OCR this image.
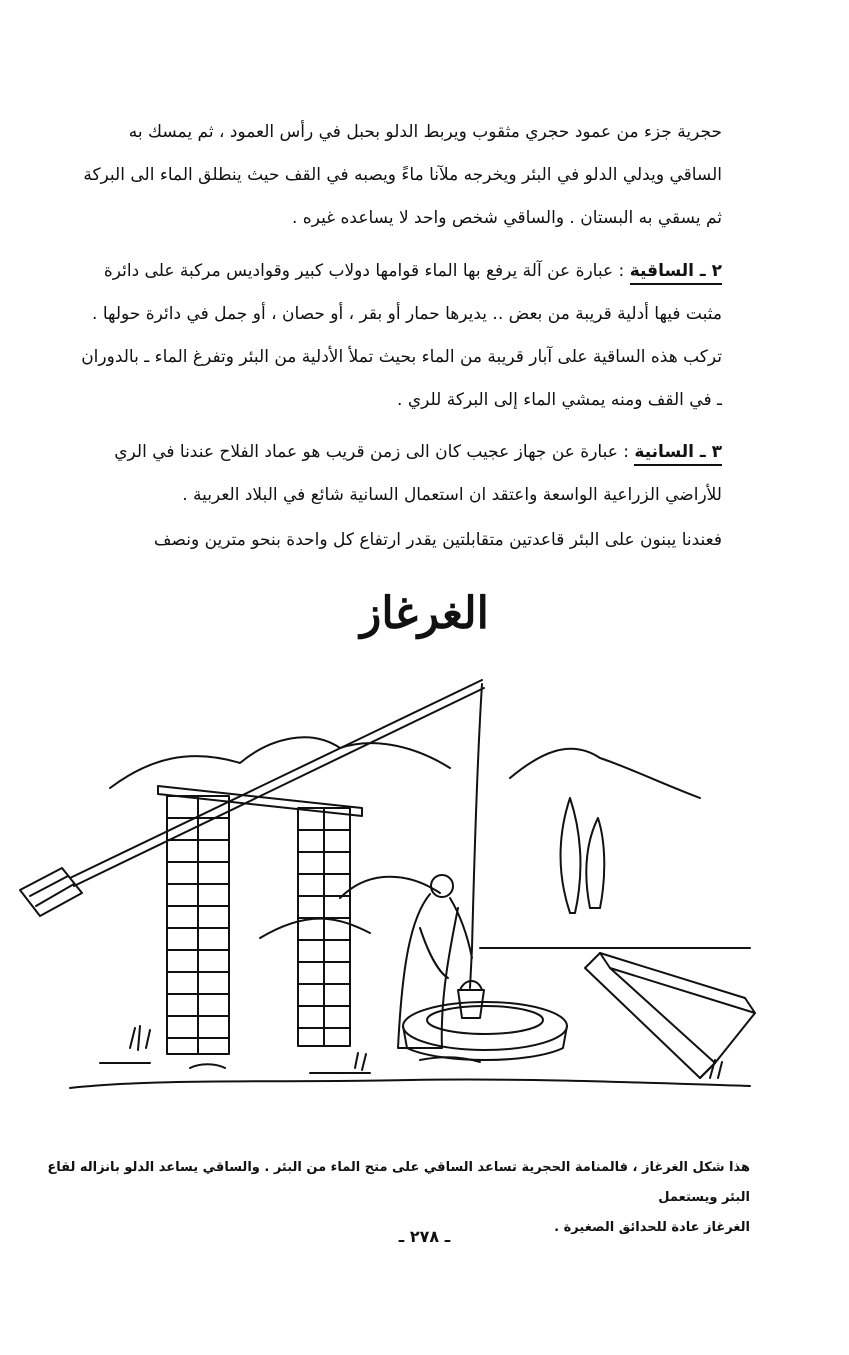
حجرية جزء من عمود حجري مثقوب ويربط الدلو بحبل في رأس العمود ، ثم يمسك به
الساقي ويدلي الدلو في البئر ويخرجه ملآنا ماءً ويصبه في القف حيث ينطلق الماء الى البركة
ثم يسقي به البستان . والساقي شخص واحد لا يساعده غيره .
٢ ـ الساقية : عبارة عن آلة يرفع بها الماء قوامها دولاب كبير وقواديس مركبة على دائرة
مثبت فيها أدلية قريبة من بعض .. يديرها حمار أو بقر ، أو حصان ، أو جمل في دائرة حولها .
تركب هذه الساقية على آبار قريبة من الماء بحيث تملأ الأدلية من البئر وتفرغ الماء ـ بالدوران
ـ في القف ومنه يمشي الماء إلى البركة للري .
٣ ـ السانية : عبارة عن جهاز عجيب كان الى زمن قريب هو عماد الفلاح عندنا في الري
للأراضي الزراعية الواسعة واعتقد ان استعمال السانية شائع في البلاد العربية .
فعندنا يبنون على البئر قاعدتين متقابلتين يقدر ارتفاع كل واحدة بنحو مترين ونصف
الغرغاز
هذا شكل الغرغاز ، فالمنامة الحجرية تساعد الساقي على متح الماء من البئر . والساقي يساعد الدلو بانزاله لقاع البئر ويستعمل
الغرغاز عادة للحدائق الصغيرة .
ـ ٢٧٨ ـ
